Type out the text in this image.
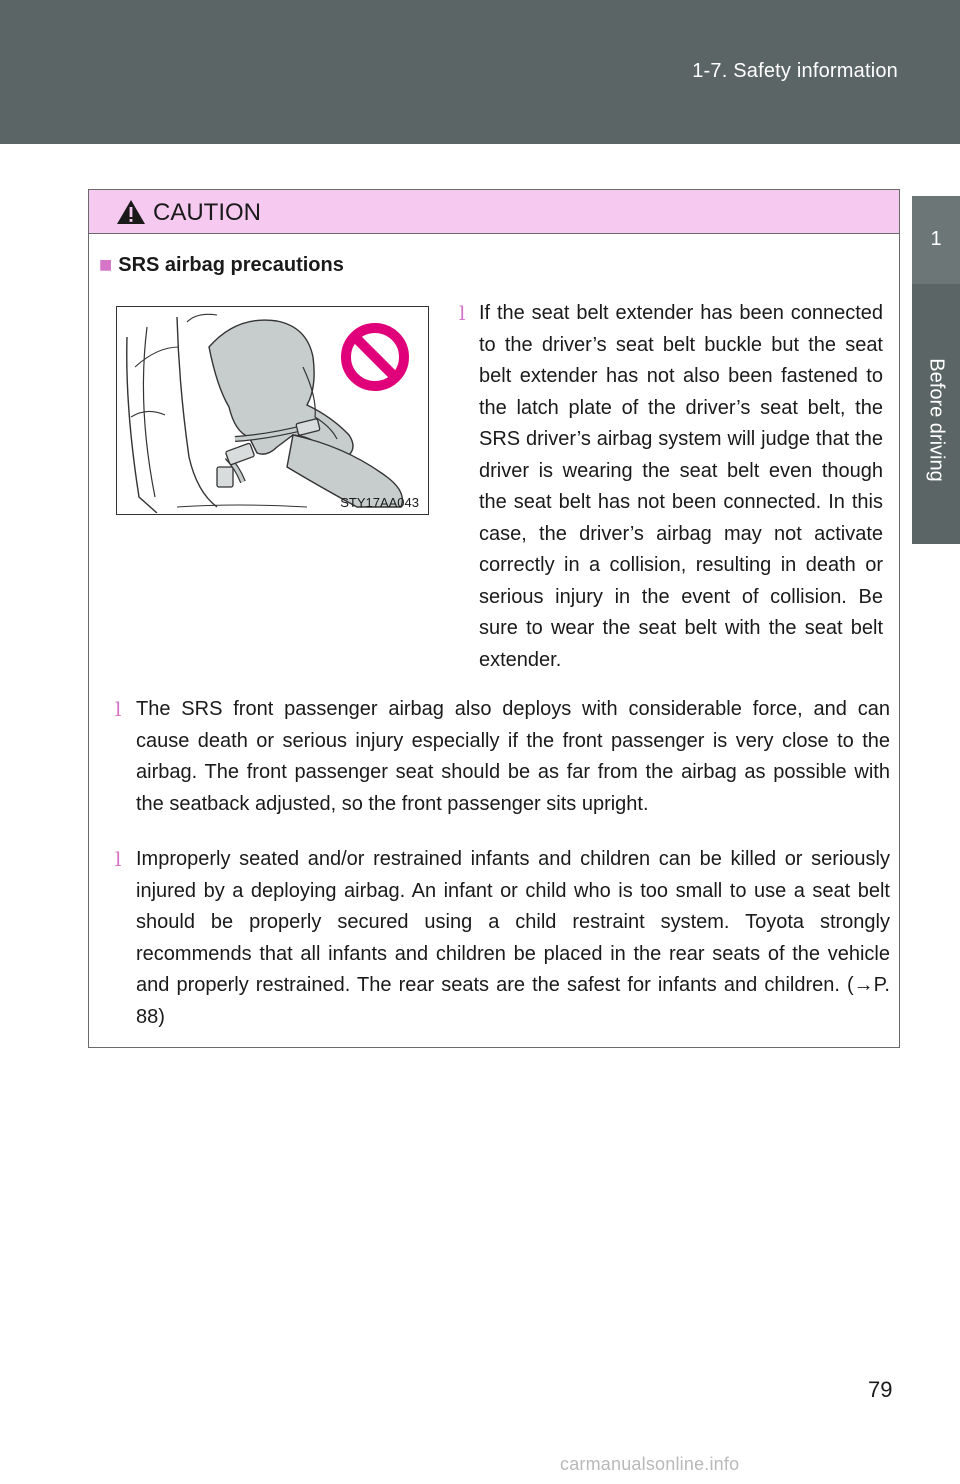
1-7. Safety information
1
Before driving
CAUTION
■ SRS airbag precautions
STY17AA043
l If the seat belt extender has been connected to the driver’s seat belt buckle but the seat belt extender has not also been fastened to the latch plate of the driver’s seat belt, the SRS driver’s airbag system will judge that the driver is wearing the seat belt even though the seat belt has not been connected. In this case, the driver’s airbag may not activate correctly in a collision, resulting in death or serious injury in the event of collision. Be sure to wear the seat belt with the seat belt extender.
l The SRS front passenger airbag also deploys with considerable force, and can cause death or serious injury especially if the front passenger is very close to the airbag. The front passenger seat should be as far from the airbag as possible with the seatback adjusted, so the front passenger sits upright.
l Improperly seated and/or restrained infants and children can be killed or seriously injured by a deploying airbag. An infant or child who is too small to use a seat belt should be properly secured using a child restraint system. Toyota strongly recommends that all infants and children be placed in the rear seats of the vehicle and properly restrained. The rear seats are the safest for infants and children. (→P. 88)
79
carmanualsonline.info
